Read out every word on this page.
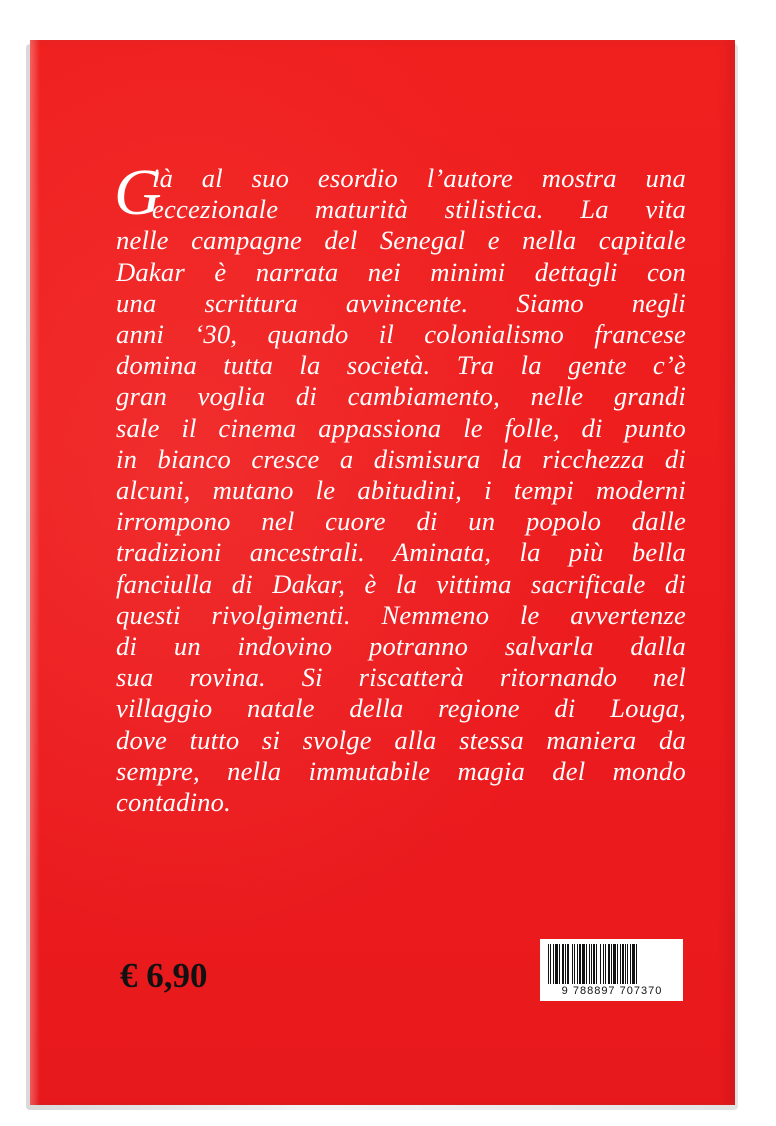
G
ià al suo esordio l’autore mostra una
eccezionale maturità stilistica. La vita
nelle campagne del Senegal e nella capitale
Dakar è narrata nei minimi dettagli con
una scrittura avvincente. Siamo negli
anni ‘30, quando il colonialismo francese
domina tutta la società. Tra la gente c’è
gran voglia di cambiamento, nelle grandi
sale il cinema appassiona le folle, di punto
in bianco cresce a dismisura la ricchezza di
alcuni, mutano le abitudini, i tempi moderni
irrompono nel cuore di un popolo dalle
tradizioni ancestrali. Aminata, la più bella
fanciulla di Dakar, è la vittima sacrificale di
questi rivolgimenti. Nemmeno le avvertenze
di un indovino potranno salvarla dalla
sua rovina. Si riscatterà ritornando nel
villaggio natale della regione di Louga,
dove tutto si svolge alla stessa maniera da
sempre, nella immutabile magia del mondo
contadino.
€ 6,90	9 788897 707370
